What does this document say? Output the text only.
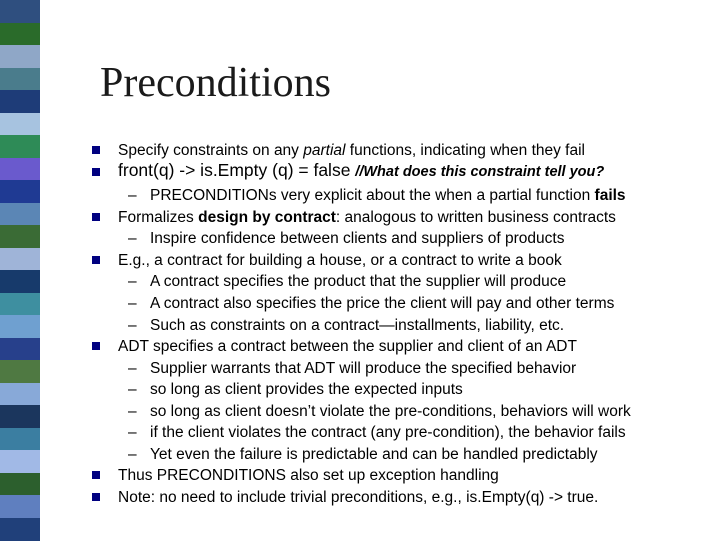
Preconditions
Specify constraints on any partial functions, indicating when they fail
front(q) -> is.Empty (q) = false //What does this constraint tell you?
– PRECONDITIONs very explicit about the when a partial function fails
Formalizes design by contract: analogous to written business contracts
– Inspire confidence between clients and suppliers of products
E.g., a contract for building a house, or a contract to write a book
– A contract specifies the product that the supplier will produce
– A contract also specifies the price the client will pay and other terms
– Such as constraints on a contract—installments, liability, etc.
ADT specifies a contract between the supplier and client of an ADT
– Supplier warrants that ADT will produce the specified behavior
– so long as client provides the expected inputs
– so long as client doesn’t violate the pre-conditions, behaviors will work
– if the client violates the contract (any pre-condition), the behavior fails
– Yet even the failure is predictable and can be handled predictably
Thus PRECONDITIONS also set up exception handling
Note: no need to include trivial preconditions, e.g., is.Empty(q) -> true.
